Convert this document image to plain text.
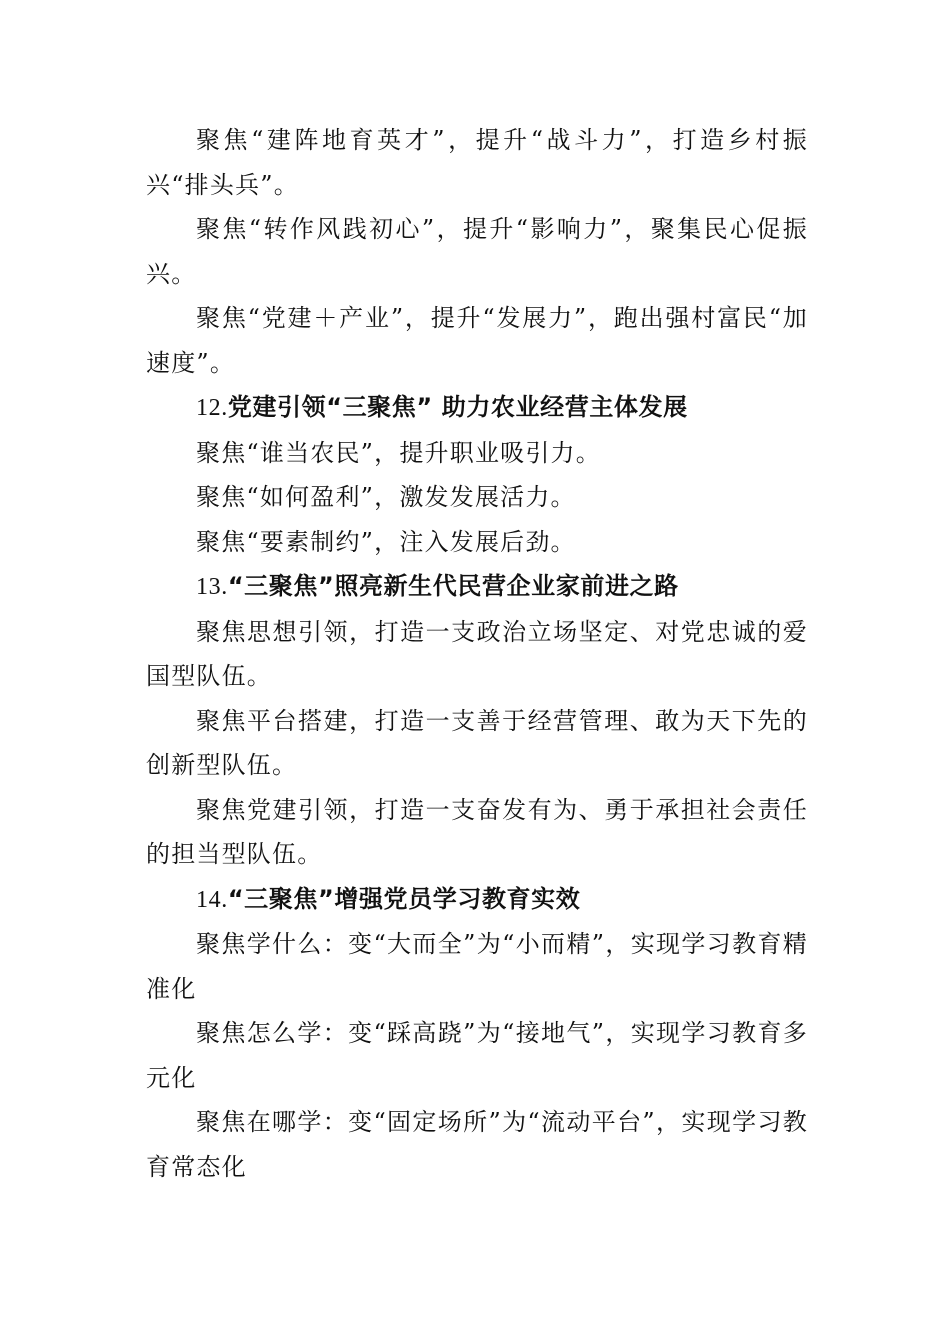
聚焦“建阵地育英才”，提升“战斗力”，打造乡村振兴“排头兵”。

聚焦“转作风践初心”，提升“影响力”，聚集民心促振兴。

聚焦“党建＋产业”，提升“发展力”，跑出强村富民“加速度”。

12.党建引领“三聚焦” 助力农业经营主体发展

聚焦“谁当农民”，提升职业吸引力。

聚焦“如何盈利”，激发发展活力。

聚焦“要素制约”，注入发展后劲。

13.“三聚焦”照亮新生代民营企业家前进之路

聚焦思想引领，打造一支政治立场坚定、对党忠诚的爱国型队伍。

聚焦平台搭建，打造一支善于经营管理、敢为天下先的创新型队伍。

聚焦党建引领，打造一支奋发有为、勇于承担社会责任的担当型队伍。

14.“三聚焦”增强党员学习教育实效

聚焦学什么：变“大而全”为“小而精”，实现学习教育精准化

聚焦怎么学：变“踩高跷”为“接地气”，实现学习教育多元化

聚焦在哪学：变“固定场所”为“流动平台”，实现学习教育常态化
